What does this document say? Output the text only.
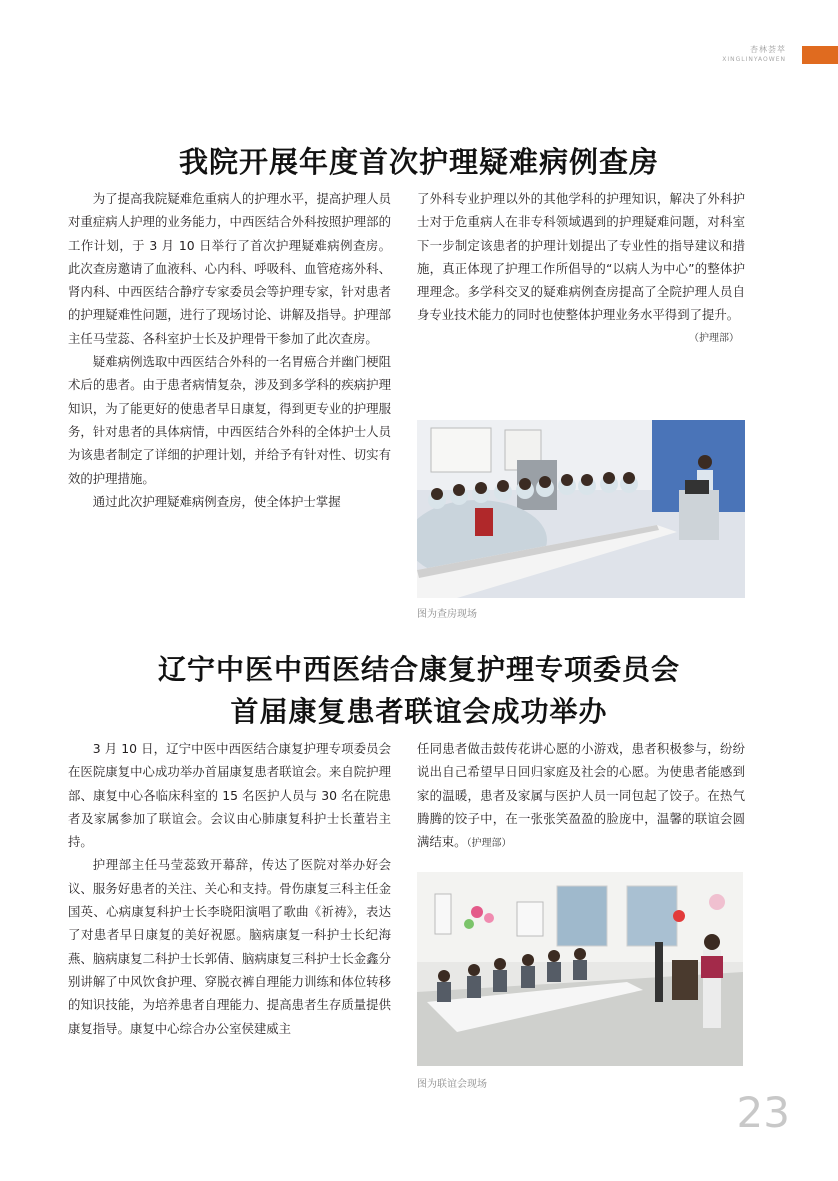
杏林荟萃
XINGLINYAOWEN
我院开展年度首次护理疑难病例查房

为了提高我院疑难危重病人的护理水平，提高护理人员对重症病人护理的业务能力，中西医结合外科按照护理部的工作计划，于 3 月 10 日举行了首次护理疑难病例查房。此次查房邀请了血液科、心内科、呼吸科、血管疮疡外科、肾内科、中西医结合静疗专家委员会等护理专家，针对患者的护理疑难性问题，进行了现场讨论、讲解及指导。护理部主任马莹蕊、各科室护士长及护理骨干参加了此次查房。

疑难病例选取中西医结合外科的一名胃癌合并幽门梗阻术后的患者。由于患者病情复杂，涉及到多学科的疾病护理知识，为了能更好的使患者早日康复，得到更专业的护理服务，针对患者的具体病情，中西医结合外科的全体护士人员为该患者制定了详细的护理计划，并给予有针对性、切实有效的护理措施。

通过此次护理疑难病例查房，使全体护士掌握

了外科专业护理以外的其他学科的护理知识，解决了外科护士对于危重病人在非专科领域遇到的护理疑难问题，对科室下一步制定该患者的护理计划提出了专业性的指导建议和措施，真正体现了护理工作所倡导的“以病人为中心”的整体护理理念。多学科交叉的疑难病例查房提高了全院护理人员自身专业技术能力的同时也使整体护理业务水平得到了提升。
（护理部）

图为查房现场
辽宁中医中西医结合康复护理专项委员会
首届康复患者联谊会成功举办

3 月 10 日，辽宁中医中西医结合康复护理专项委员会在医院康复中心成功举办首届康复患者联谊会。来自院护理部、康复中心各临床科室的 15 名医护人员与 30 名在院患者及家属参加了联谊会。会议由心肺康复科护士长董岩主持。

护理部主任马莹蕊致开幕辞，传达了医院对举办好会议、服务好患者的关注、关心和支持。骨伤康复三科主任金国英、心病康复科护士长李晓阳演唱了歌曲《祈祷》，表达了对患者早日康复的美好祝愿。脑病康复一科护士长纪海燕、脑病康复二科护士长郭倩、脑病康复三科护士长金鑫分别讲解了中风饮食护理、穿脱衣裤自理能力训练和体位转移的知识技能，为培养患者自理能力、提高患者生存质量提供康复指导。康复中心综合办公室侯建威主

任同患者做击鼓传花讲心愿的小游戏，患者积极参与，纷纷说出自己希望早日回归家庭及社会的心愿。为使患者能感到家的温暖，患者及家属与医护人员一同包起了饺子。在热气腾腾的饺子中，在一张张笑盈盈的脸庞中，温馨的联谊会圆满结束。（护理部）

图为联谊会现场
23
